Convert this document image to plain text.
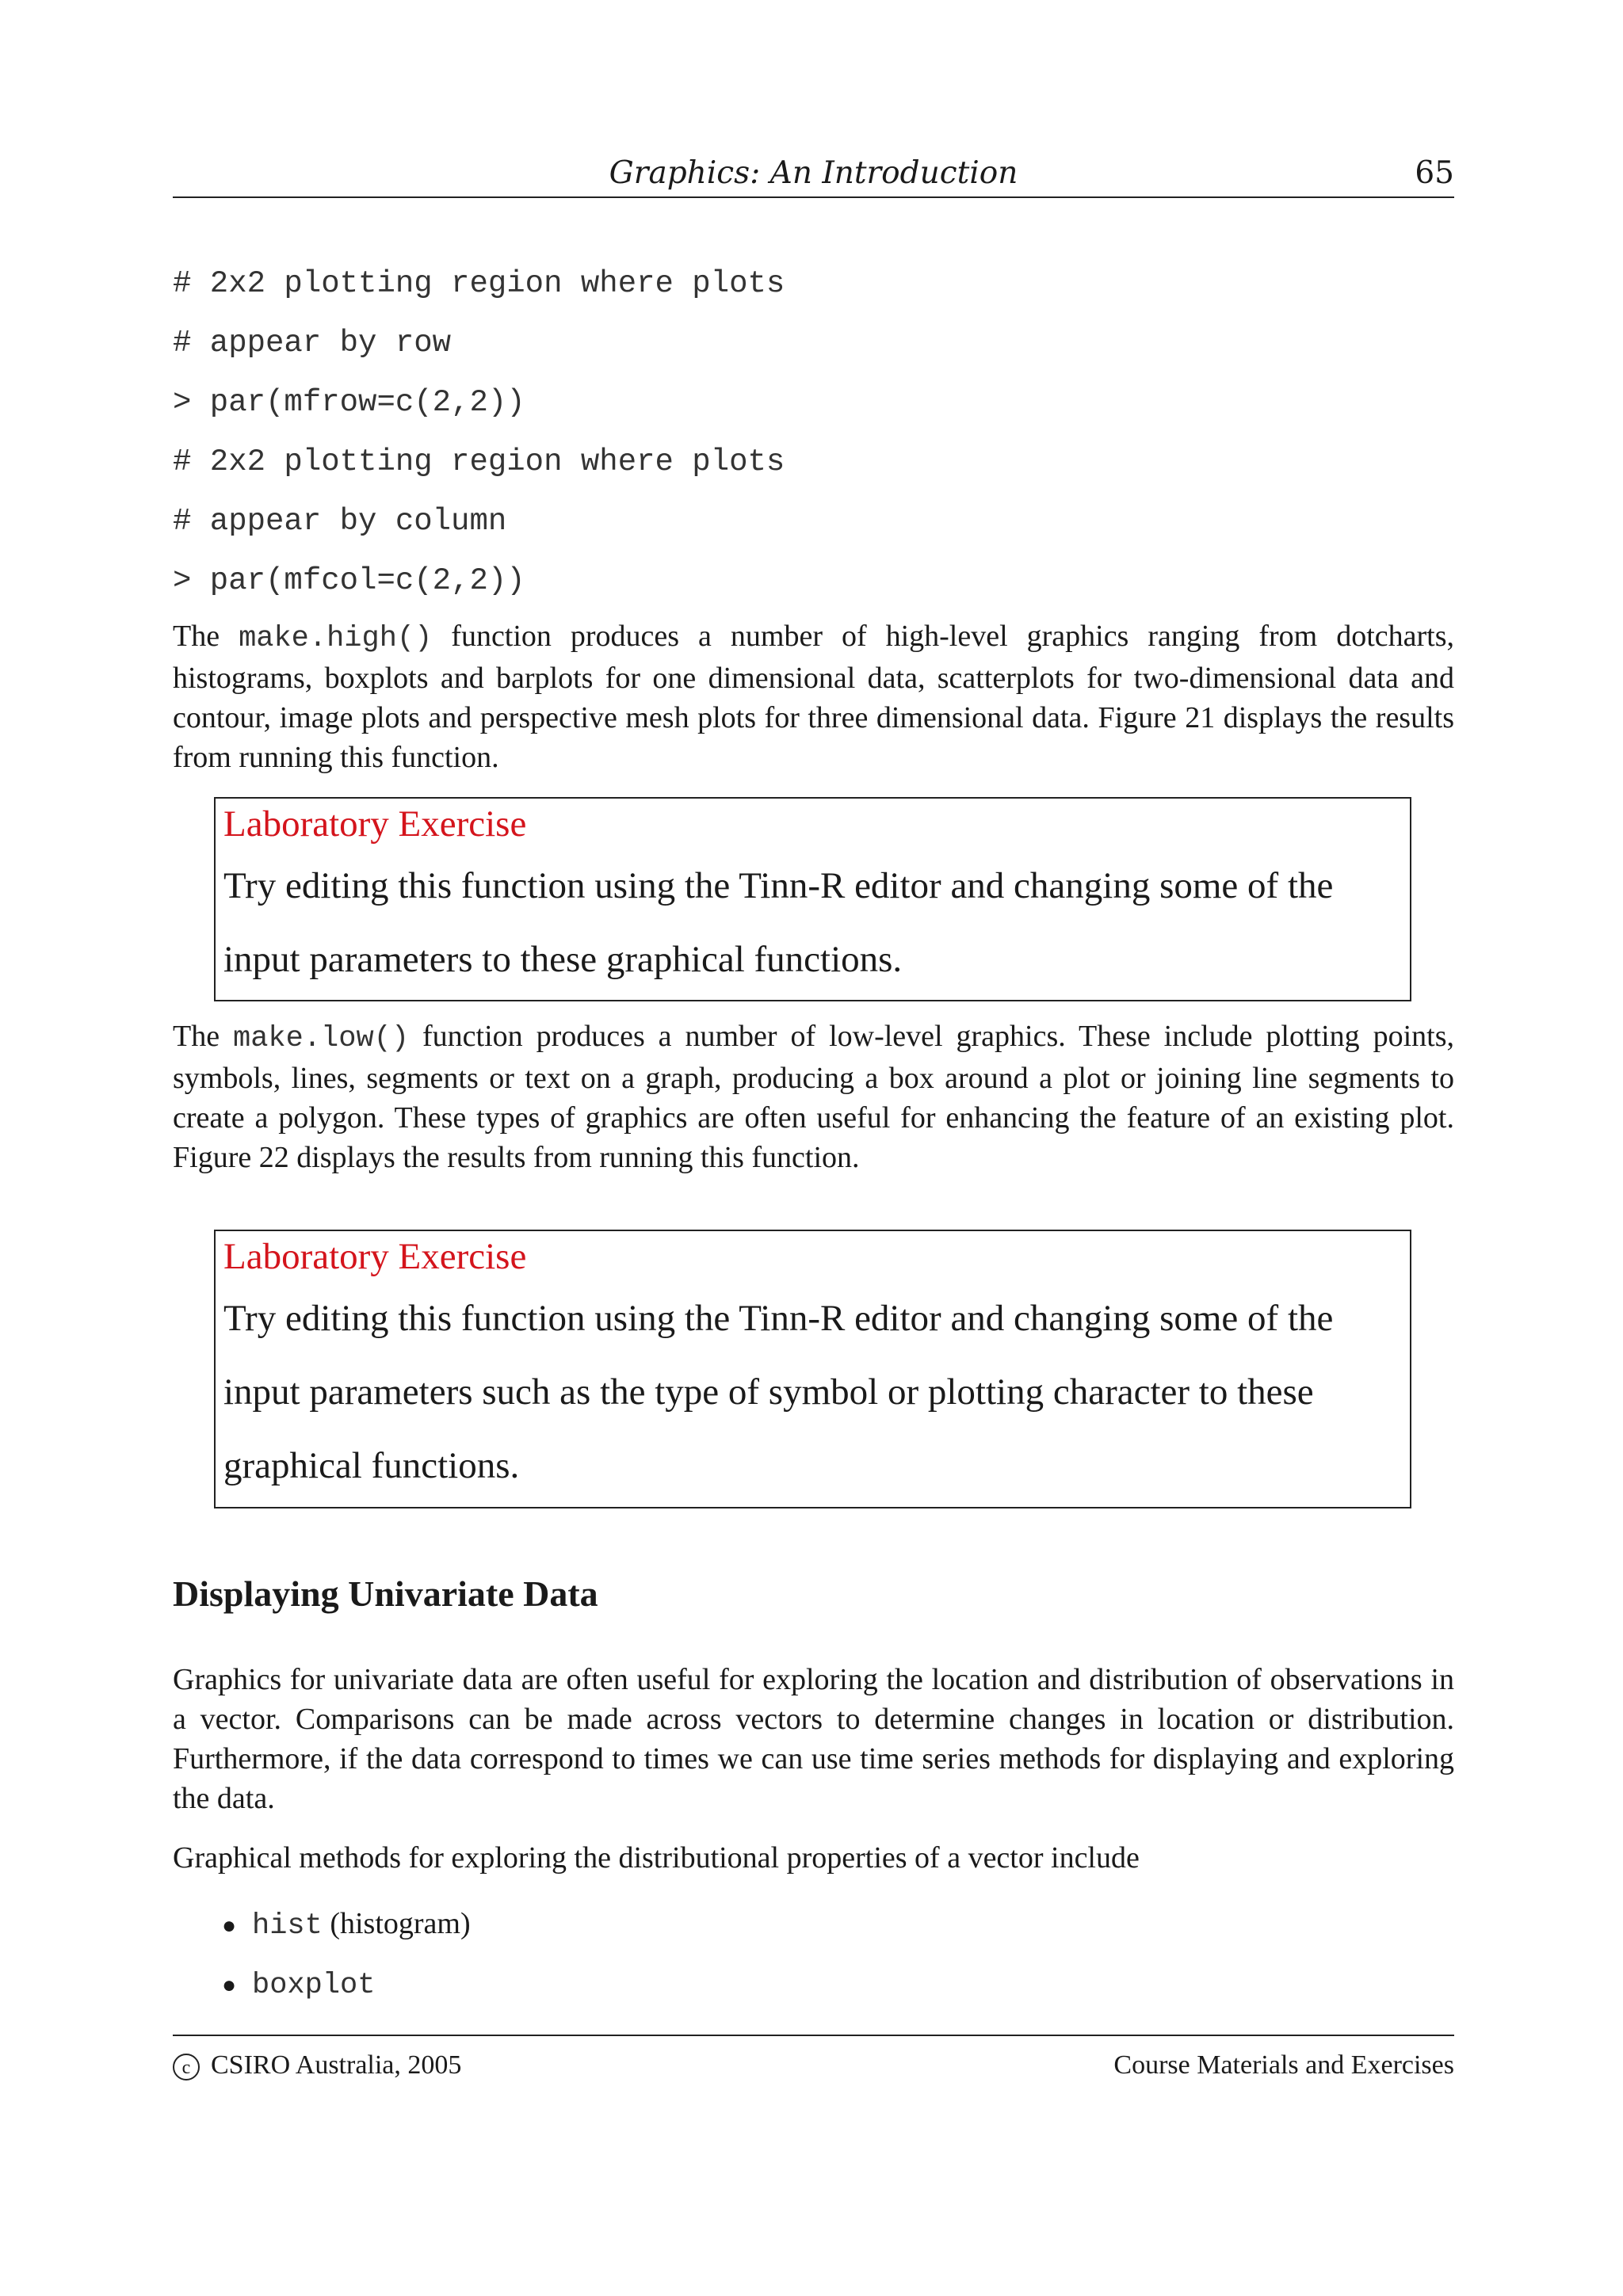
Graphics: An Introduction	65
# 2x2 plotting region where plots
# appear by row
> par(mfrow=c(2,2))
# 2x2 plotting region where plots
# appear by column
> par(mfcol=c(2,2))

The make.high() function produces a number of high-level graphics ranging from dotcharts, histograms, boxplots and barplots for one dimensional data, scatterplots for two-dimensional data and contour, image plots and perspective mesh plots for three dimensional data. Figure 21 displays the results from running this function.

Laboratory Exercise
Try editing this function using the Tinn-R editor and changing some of the input parameters to these graphical functions.

The make.low() function produces a number of low-level graphics. These include plotting points, symbols, lines, segments or text on a graph, producing a box around a plot or joining line segments to create a polygon. These types of graphics are often useful for enhancing the feature of an existing plot. Figure 22 displays the results from running this function.

Laboratory Exercise
Try editing this function using the Tinn-R editor and changing some of the input parameters such as the type of symbol or plotting character to these graphical functions.
Displaying Univariate Data

Graphics for univariate data are often useful for exploring the location and distribution of observations in a vector. Comparisons can be made across vectors to determine changes in location or distribution. Furthermore, if the data correspond to times we can use time series methods for displaying and exploring the data.

Graphical methods for exploring the distributional properties of a vector include

● hist (histogram)
● boxplot
c CSIRO Australia, 2005	Course Materials and Exercises
